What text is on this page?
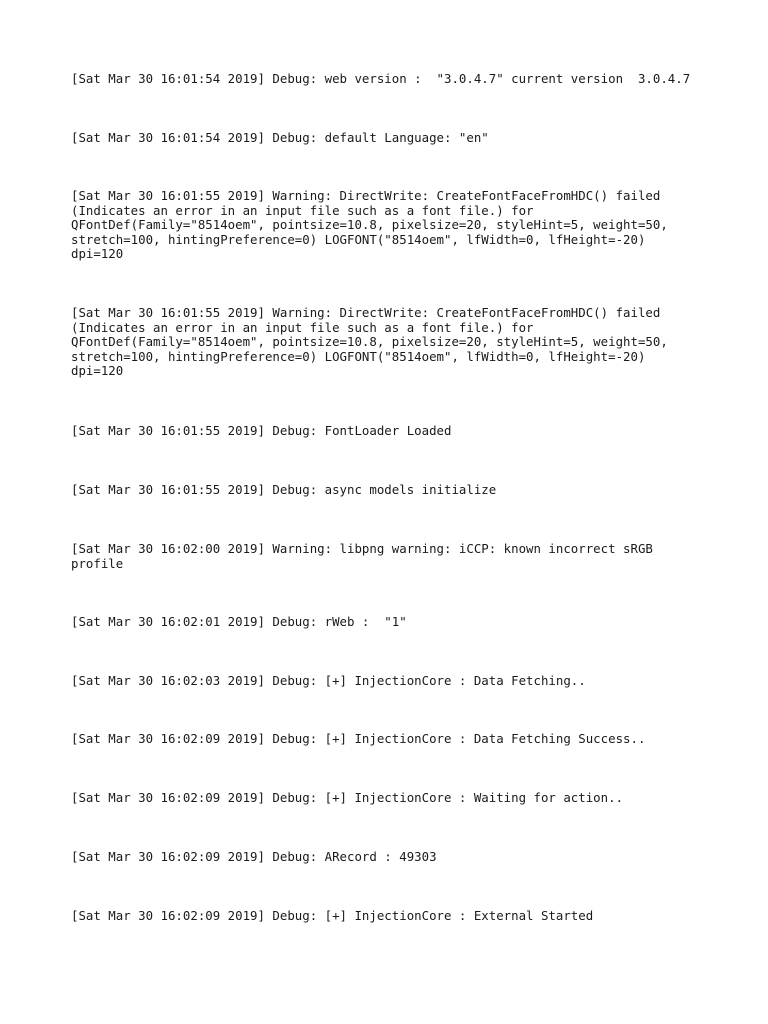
[Sat Mar 30 16:01:54 2019] Debug: web version :  "3.0.4.7" current version  3.0.4.7
[Sat Mar 30 16:01:54 2019] Debug: default Language: "en"
[Sat Mar 30 16:01:55 2019] Warning: DirectWrite: CreateFontFaceFromHDC() failed
(Indicates an error in an input file such as a font file.) for
QFontDef(Family="8514oem", pointsize=10.8, pixelsize=20, styleHint=5, weight=50,
stretch=100, hintingPreference=0) LOGFONT("8514oem", lfWidth=0, lfHeight=-20)
dpi=120
[Sat Mar 30 16:01:55 2019] Warning: DirectWrite: CreateFontFaceFromHDC() failed
(Indicates an error in an input file such as a font file.) for
QFontDef(Family="8514oem", pointsize=10.8, pixelsize=20, styleHint=5, weight=50,
stretch=100, hintingPreference=0) LOGFONT("8514oem", lfWidth=0, lfHeight=-20)
dpi=120
[Sat Mar 30 16:01:55 2019] Debug: FontLoader Loaded
[Sat Mar 30 16:01:55 2019] Debug: async models initialize
[Sat Mar 30 16:02:00 2019] Warning: libpng warning: iCCP: known incorrect sRGB
profile
[Sat Mar 30 16:02:01 2019] Debug: rWeb :  "1"
[Sat Mar 30 16:02:03 2019] Debug: [+] InjectionCore : Data Fetching..
[Sat Mar 30 16:02:09 2019] Debug: [+] InjectionCore : Data Fetching Success..
[Sat Mar 30 16:02:09 2019] Debug: [+] InjectionCore : Waiting for action..
[Sat Mar 30 16:02:09 2019] Debug: ARecord : 49303
[Sat Mar 30 16:02:09 2019] Debug: [+] InjectionCore : External Started
